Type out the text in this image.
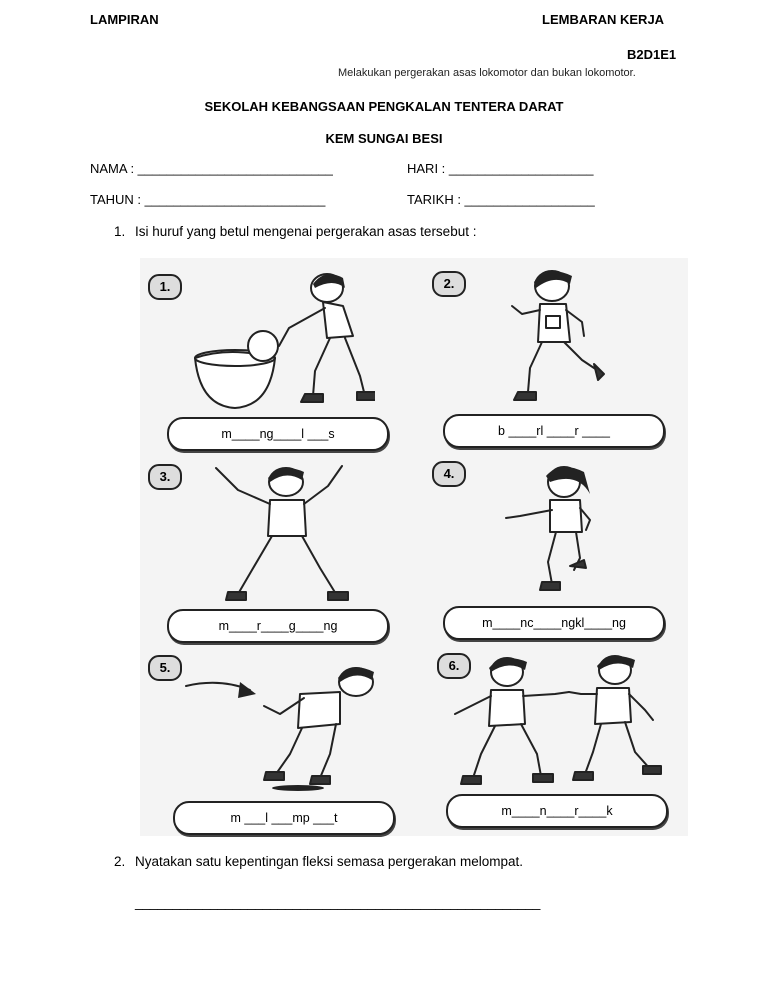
LAMPIRAN	LEMBARAN KERJA
B2D1E1
Melakukan pergerakan asas lokomotor dan bukan lokomotor.
SEKOLAH KEBANGSAAN PENGKALAN TENTERA DARAT
KEM SUNGAI BESI
NAMA : ___________________________	HARI : ____________________
TAHUN : _________________________	TARIKH : __________________
1. Isi huruf yang betul mengenai pergerakan asas tersebut :
1.
m____ng____l ___s
2.
b ____rl ____r ____
3.
m____r____g____ng
4.
m____nc____ngkl____ng
5.
m ___l ___mp ___t
6.
m____n____r____k
2. Nyatakan satu kepentingan fleksi semasa pergerakan melompat.
______________________________________________________
